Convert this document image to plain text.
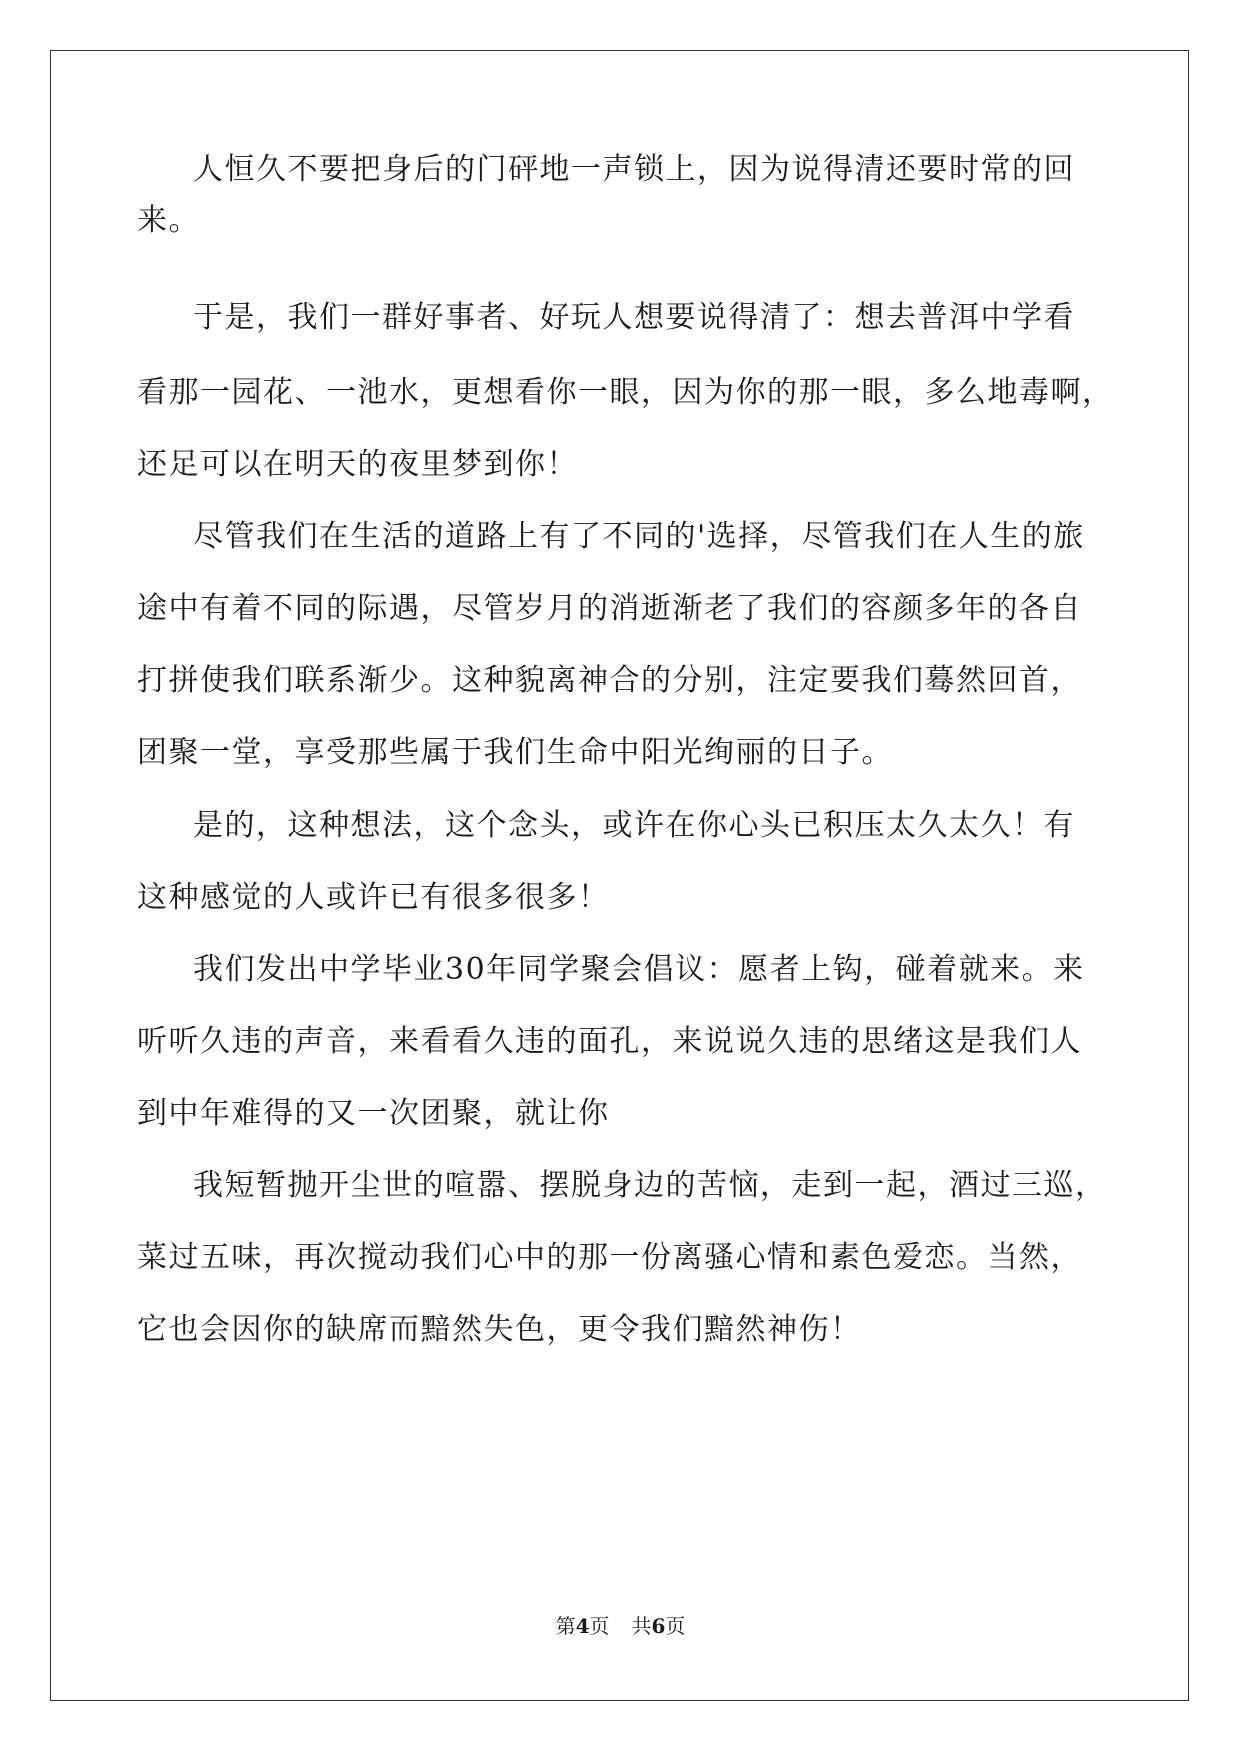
人恒久不要把身后的门砰地一声锁上，因为说得清还要时常的回
来。
于是，我们一群好事者、好玩人想要说得清了：想去普洱中学看
看那一园花、一池水，更想看你一眼，因为你的那一眼，多么地毒啊，
还足可以在明天的夜里梦到你！
尽管我们在生活的道路上有了不同的'选择，尽管我们在人生的旅
途中有着不同的际遇，尽管岁月的消逝渐老了我们的容颜多年的各自
打拼使我们联系渐少。这种貌离神合的分别，注定要我们蓦然回首，
团聚一堂，享受那些属于我们生命中阳光绚丽的日子。
是的，这种想法，这个念头，或许在你心头已积压太久太久！有
这种感觉的人或许已有很多很多！
我们发出中学毕业30年同学聚会倡议：愿者上钩，碰着就来。来
听听久违的声音，来看看久违的面孔，来说说久违的思绪这是我们人
到中年难得的又一次团聚，就让你
我短暂抛开尘世的喧嚣、摆脱身边的苦恼，走到一起，酒过三巡，
菜过五味，再次搅动我们心中的那一份离骚心情和素色爱恋。当然，
它也会因你的缺席而黯然失色，更令我们黯然神伤！
第4页 共6页
